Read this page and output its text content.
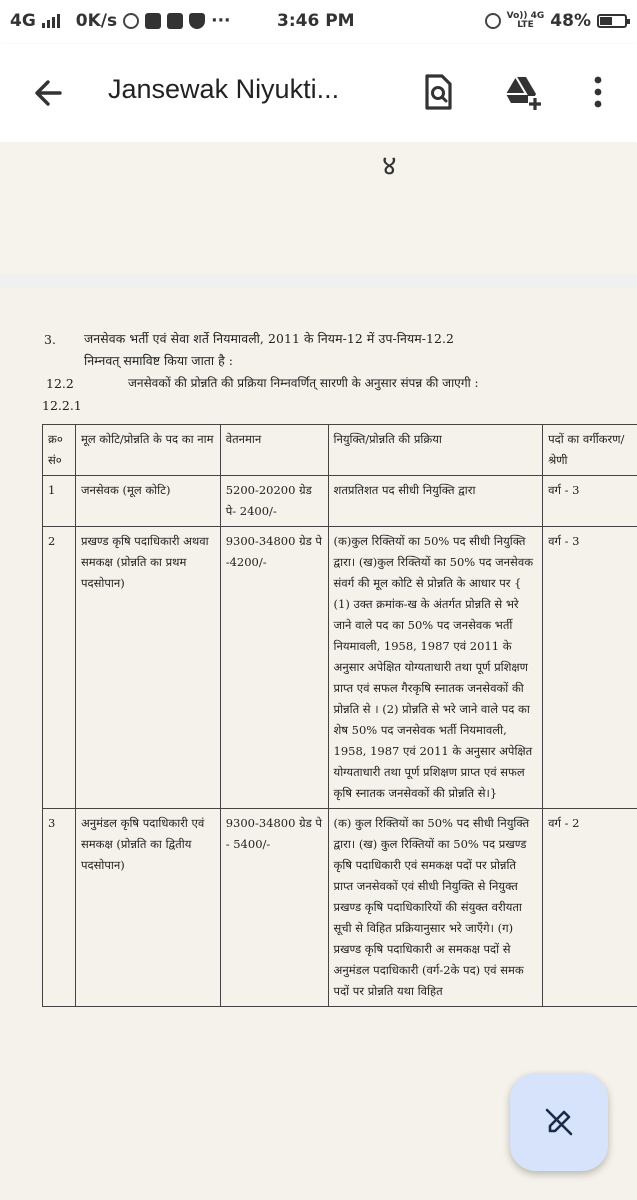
4G 0K/s	···	3:46 PM	Vo)) 4G
LTE 48%
Jansewak Niyukti...
४
3. जनसेवक भर्ती एवं सेवा शर्ते नियमावली, 2011 के नियम-12 में उप-नियम-12.2
निम्नवत् समाविष्ट किया जाता है :
12.2	जनसेवकों की प्रोन्नति की प्रक्रिया निम्नवर्णित् सारणी के अनुसार संपन्न की जाएगी :
12.2.1
क्र० सं०	मूल कोटि/प्रोन्नति के पद का नाम	वेतनमान	नियुक्ति/प्रोन्नति की प्रक्रिया	पदों का वर्गीकरण/श्रेणी
1	जनसेवक (मूल कोटि)	5200-20200 ग्रेड पे- 2400/-	शतप्रतिशत पद सीधी नियुक्ति द्वारा	वर्ग - 3
2	प्रखण्ड कृषि पदाधिकारी अथवा समकक्ष (प्रोन्नति का प्रथम पदसोपान)	9300-34800 ग्रेड पे -4200/-	(क)कुल रिक्तियों का 50% पद सीधी नियुक्ति द्वारा। (ख)कुल रिक्तियों का 50% पद जनसेवक संवर्ग की मूल कोटि से प्रोन्नति के आधार पर { (1) उक्त क्रमांक-ख के अंतर्गत प्रोन्नति से भरे जाने वाले पद का 50% पद जनसेवक भर्ती नियमावली, 1958, 1987 एवं 2011 के अनुसार अपेक्षित योग्यताधारी तथा पूर्ण प्रशिक्षण प्राप्त एवं सफल गैरकृषि स्नातक जनसेवकों की प्रोन्नति से । (2) प्रोन्नति से भरे जाने वाले पद का शेष 50% पद जनसेवक भर्ती नियमावली, 1958, 1987 एवं 2011 के अनुसार अपेक्षित योग्यताधारी तथा पूर्ण प्रशिक्षण प्राप्त एवं सफल कृषि स्नातक जनसेवकों की प्रोन्नति से।}	वर्ग - 3
3	अनुमंडल कृषि पदाधिकारी एवं समकक्ष (प्रोन्नति का द्वितीय पदसोपान)	9300-34800 ग्रेड पे - 5400/-	(क) कुल रिक्तियों का 50% पद सीधी नियुक्ति द्वारा। (ख) कुल रिक्तियों का 50% पद प्रखण्ड कृषि पदाधिकारी एवं समकक्ष पदों पर प्रोन्नति प्राप्त जनसेवकों एवं सीधी नियुक्ति से नियुक्त प्रखण्ड कृषि पदाधिकारियों की संयुक्त वरीयता सूची से विहित प्रक्रियानुसार भरे जाएँगे। (ग) प्रखण्ड कृषि पदाधिकारी अ समकक्ष पदों से अनुमंडल पदाधिकारी (वर्ग-2के पद) एवं समक पदों पर प्रोन्नति यथा विहित	वर्ग - 2
